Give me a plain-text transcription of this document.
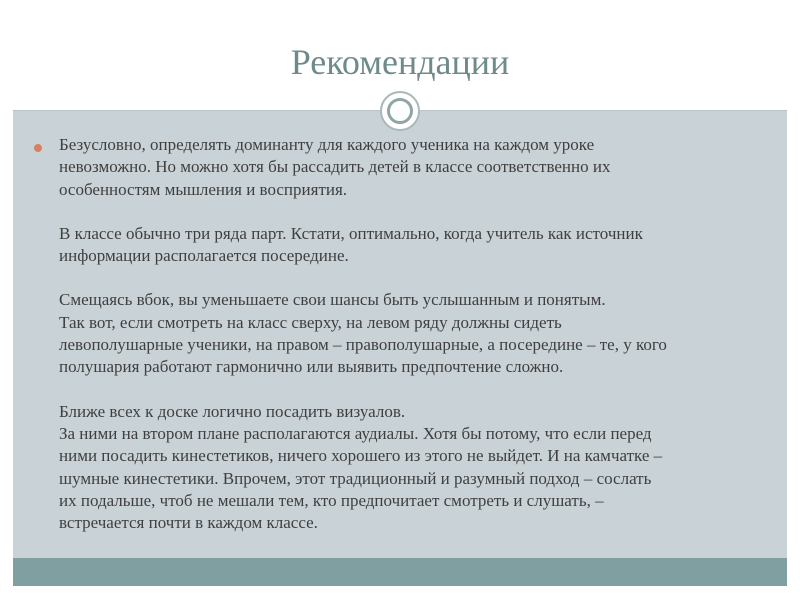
Рекомендации

Безусловно, определять доминанту для каждого ученика на каждом уроке
невозможно. Но можно хотя бы рассадить детей в классе соответственно их
особенностям мышления и восприятия.

В классе обычно три ряда парт. Кстати, оптимально, когда учитель как источник
информации располагается посередине.

Смещаясь вбок, вы уменьшаете свои шансы быть услышанным и понятым.
Так вот, если смотреть на класс сверху, на левом ряду должны сидеть
левополушарные ученики, на правом – правополушарные, а посередине – те, у кого
полушария работают гармонично или выявить предпочтение сложно.

Ближе всех к доске логично посадить визуалов.
За ними на втором плане располагаются аудиалы. Хотя бы потому, что если перед
ними посадить кинестетиков, ничего хорошего из этого не выйдет. И на камчатке –
шумные кинестетики. Впрочем, этот традиционный и разумный подход – сослать
их подальше, чтоб не мешали тем, кто предпочитает смотреть и слушать, –
встречается почти в каждом классе.
